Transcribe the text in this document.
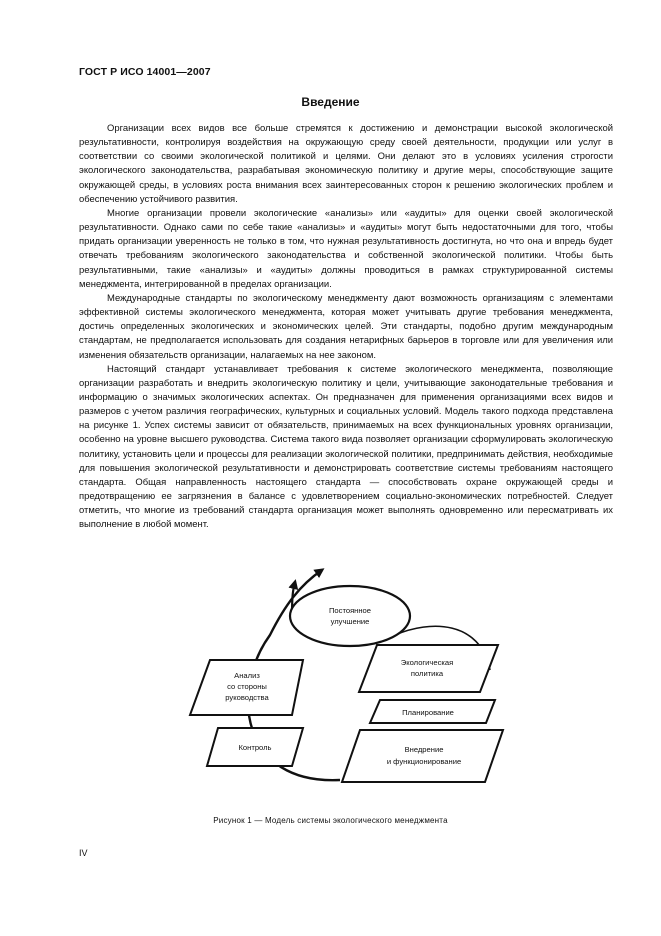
ГОСТ Р ИСО 14001—2007
Введение

Организации всех видов все больше стремятся к достижению и демонстрации высокой экологической результативности, контролируя воздействия на окружающую среду своей деятельности, продукции или услуг в соответствии со своими экологической политикой и целями. Они делают это в условиях усиления строгости экологического законодательства, разрабатывая экономическую политику и другие меры, способствующие защите окружающей среды, в условиях роста внимания всех заинтересованных сторон к решению экологических проблем и обеспечению устойчивого развития.

Многие организации провели экологические «анализы» или «аудиты» для оценки своей экологической результативности. Однако сами по себе такие «анализы» и «аудиты» могут быть недостаточными для того, чтобы придать организации уверенность не только в том, что нужная результативность достигнута, но что она и впредь будет отвечать требованиям экологического законодательства и собственной экологической политики. Чтобы быть результативными, такие «анализы» и «аудиты» должны проводиться в рамках структурированной системы менеджмента, интегрированной в пределах организации.

Международные стандарты по экологическому менеджменту дают возможность организациям с элементами эффективной системы экологического менеджмента, которая может учитывать другие требования менеджмента, достичь определенных экологических и экономических целей. Эти стандарты, подобно другим международным стандартам, не предполагается использовать для создания нетарифных барьеров в торговле или для увеличения или изменения обязательств организации, налагаемых на нее законом.

Настоящий стандарт устанавливает требования к системе экологического менеджмента, позволяющие организации разработать и внедрить экологическую политику и цели, учитывающие законодательные требования и информацию о значимых экологических аспектах. Он предназначен для применения организациями всех видов и размеров с учетом различия географических, культурных и социальных условий. Модель такого подхода представлена на рисунке 1. Успех системы зависит от обязательств, принимаемых на всех функциональных уровнях организации, особенно на уровне высшего руководства. Система такого вида позволяет организации сформулировать экологическую политику, установить цели и процессы для реализации экологической политики, предпринимать действия, необходимые для повышения экологической результативности и демонстрировать соответствие системы требованиям настоящего стандарта. Общая направленность настоящего стандарта — способствовать охране окружающей среды и предотвращению ее загрязнения в балансе с удовлетворением социально-экономических потребностей. Следует отметить, что многие из требований стандарта организация может выполнять одновременно или пересматривать их выполнение в любой момент.

Постоянное
улучшение
Экологическая
политика
Планирование
Внедрение
и функционирование
Анализ
со стороны
руководства
Контроль
Рисунок 1 — Модель системы экологического менеджмента
IV
